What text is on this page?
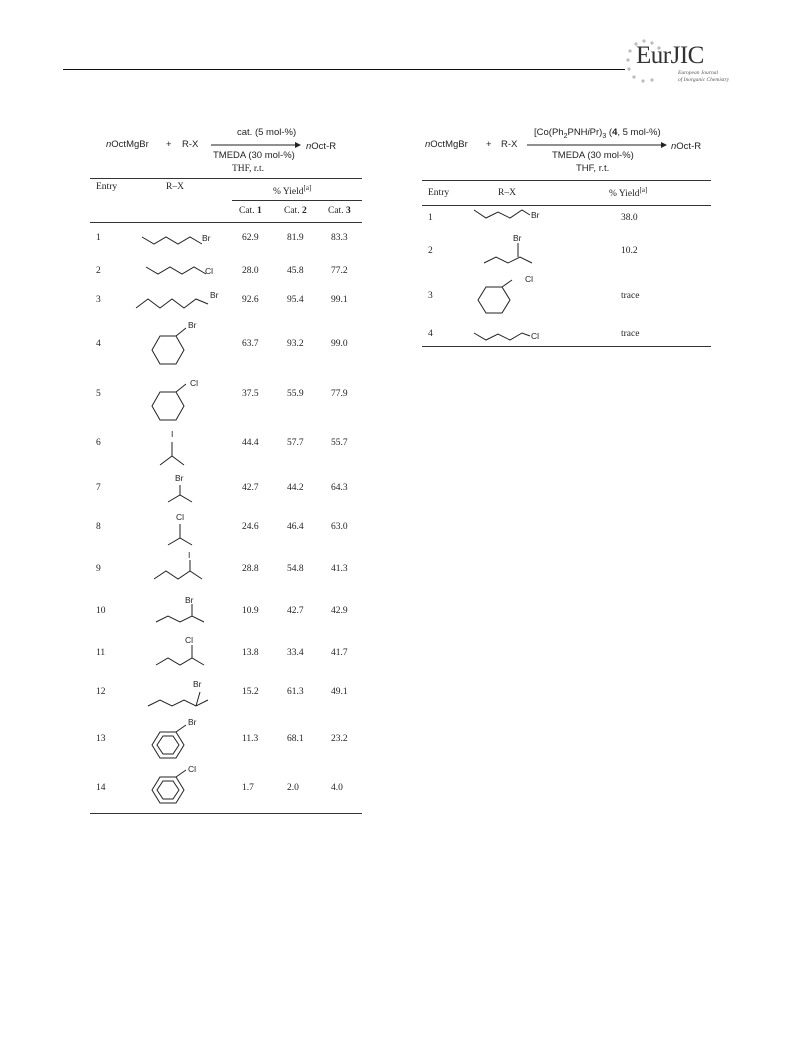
EurJIC
European Journal
of Inorganic Chemistry
nOctMgBr + R-X
cat. (5 mol-%)
TMEDA (30 mol-%)
THF, r.t.
nOct-R
Entry	R–X
% Yield[a]
Cat. 1 Cat. 2 Cat. 3
1	62.9	81.9	83.3
2	28.0	45.8	77.2
3	92.6	95.4	99.1
4	63.7	93.2	99.0
5	37.5	55.9	77.9
6	44.4	57.7	55.7
7	42.7	44.2	64.3
8	24.6	46.4	63.0
9	28.8	54.8	41.3
10	10.9	42.7	42.9
11	13.8	33.4	41.7
12	15.2	61.3	49.1
13	11.3	68.1	23.2
14	1.7	2.0	4.0
Br
Cl
Br
Br
Cl
I
Br
Cl
I
Br
Cl
Br
Br
Cl
nOctMgBr + R-X
[$Co(Ph_2PNHiPr)_3$ (4, 5 mol-%)
TMEDA (30 mol-%)
THF, r.t.
nOct-R
Entry	R–X	% Yield[a]
1	38.0
2	10.2
3	trace
4	trace
Br
Br
Cl
Cl
